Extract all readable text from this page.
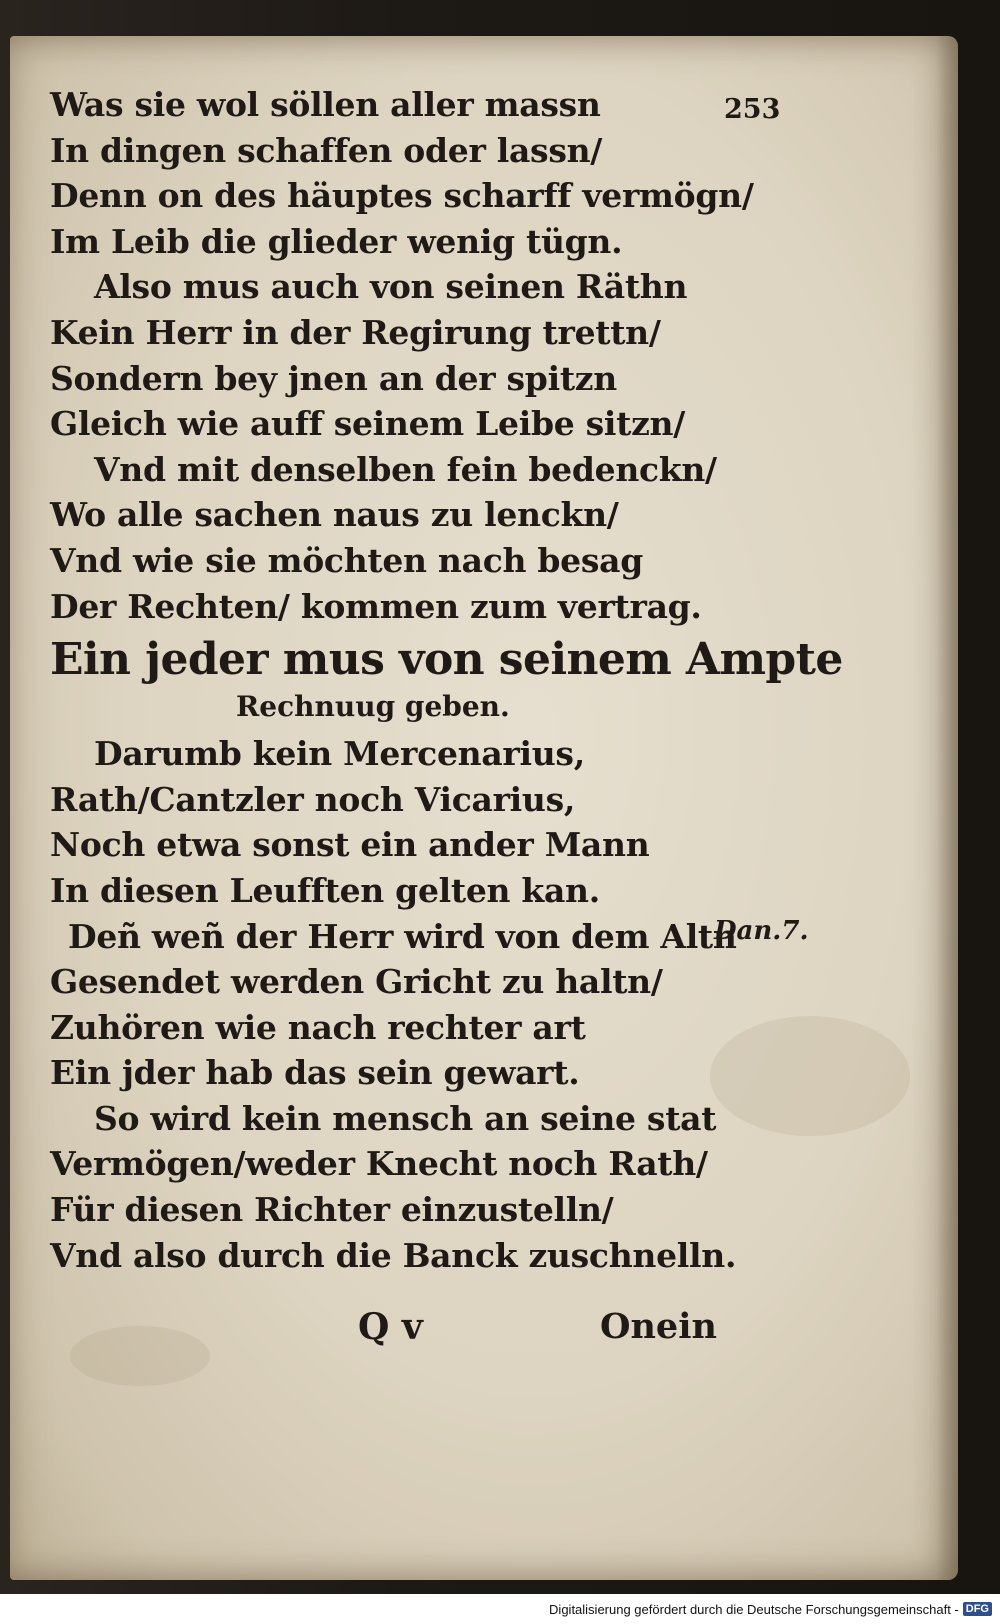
253
Was sie wol söllen aller massn
In dingen schaffen oder lassn/
Denn on des häuptes scharff vermögn/
Im Leib die glieder wenig tügn.
Also mus auch von seinen Räthn
Kein Herr in der Regirung trettn/
Sondern bey jnen an der spitzn
Gleich wie auff seinem Leibe sitzn/
Vnd mit denselben fein bedenckn/
Wo alle sachen naus zu lenckn/
Vnd wie sie möchten nach besag
Der Rechten/ kommen zum vertrag.
Ein jeder mus von seinem Ampte
Rechnuug geben.
Darumb kein Mercenarius,
Rath/Cantzler noch Vicarius,
Noch etwa sonst ein ander Mann
In diesen Leufften gelten kan.
Deñ weñ der Herr wird von dem Altn
Gesendet werden Gricht zu haltn/
Zuhören wie nach rechter art
Ein jder hab das sein gewart.
So wird kein mensch an seine stat
Vermögen/weder Knecht noch Rath/
Für diesen Richter einzustelln/
Vnd also durch die Banck zuschnelln.
Dan.7.
Q v	Onein
Digitalisierung gefördert durch die Deutsche Forschungsgemeinschaft - DFG
